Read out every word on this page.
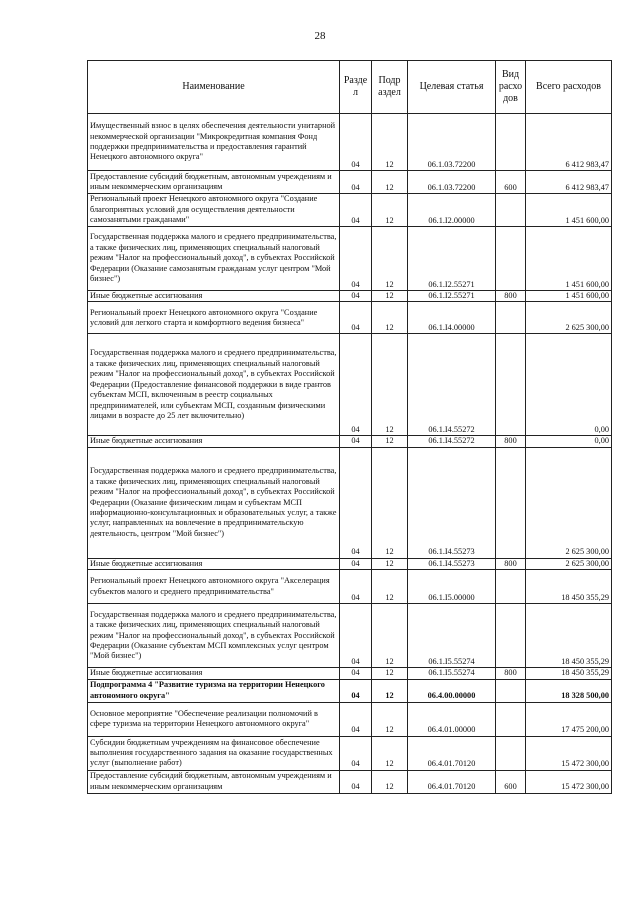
28
Наименование	Разде л	Подр аздел	Целевая статья	Вид расхо дов	Всего расходов
Имущественный взнос в целях обеспечения деятельности унитарной некоммерческой организации "Микрокредитная компания Фонд поддержки предпринимательства и предоставления гарантий Ненецкого автономного округа"	04	12	06.1.03.72200		6 412 983,47
Предоставление субсидий бюджетным, автономным учреждениям и иным некоммерческим организациям	04	12	06.1.03.72200	600	6 412 983,47
Региональный проект Ненецкого автономного округа "Создание благоприятных условий для осуществления деятельности самозанятыми гражданами"	04	12	06.1.I2.00000		1 451 600,00
Государственная поддержка малого и среднего предпринимательства, а также физических лиц, применяющих специальный налоговый режим "Налог на профессиональный доход", в субъектах Российской Федерации (Оказание самозанятым гражданам услуг центром "Мой бизнес")	04	12	06.1.I2.55271		1 451 600,00
Иные бюджетные ассигнования	04	12	06.1.I2.55271	800	1 451 600,00
Региональный проект Ненецкого автономного округа "Создание условий для легкого старта и комфортного ведения бизнеса"	04	12	06.1.I4.00000		2 625 300,00
Государственная поддержка малого и среднего предпринимательства, а также физических лиц, применяющих специальный налоговый режим "Налог на профессиональный доход", в субъектах Российской Федерации (Предоставление финансовой поддержки в виде грантов субъектам МСП, включенным в реестр социальных предпринимателей, или субъектам МСП, созданным физическими лицами в возрасте до 25 лет включительно)	04	12	06.1.I4.55272		0,00
Иные бюджетные ассигнования	04	12	06.1.I4.55272	800	0,00
Государственная поддержка малого и среднего предпринимательства, а также физических лиц, применяющих специальный налоговый режим "Налог на профессиональный доход", в субъектах Российской Федерации (Оказание физическим лицам и субъектам МСП информационно-консультационных и образовательных услуг, а также услуг, направленных на вовлечение в предпринимательскую деятельность, центром "Мой бизнес")	04	12	06.1.I4.55273		2 625 300,00
Иные бюджетные ассигнования	04	12	06.1.I4.55273	800	2 625 300,00
Региональный проект Ненецкого автономного округа "Акселерация субъектов малого и среднего предпринимательства"	04	12	06.1.I5.00000		18 450 355,29
Государственная поддержка малого и среднего предпринимательства, а также физических лиц, применяющих специальный налоговый режим "Налог на профессиональный доход", в субъектах Российской Федерации (Оказание субъектам МСП комплексных услуг центром "Мой бизнес")	04	12	06.1.I5.55274		18 450 355,29
Иные бюджетные ассигнования	04	12	06.1.I5.55274	800	18 450 355,29
Подпрограмма 4 "Развитие туризма на территории Ненецкого автономного округа"	04	12	06.4.00.00000		18 328 500,00
Основное мероприятие "Обеспечение реализации полномочий в сфере туризма на территории Ненецкого автономного округа"	04	12	06.4.01.00000		17 475 200,00
Субсидии бюджетным учреждениям на финансовое обеспечение выполнения государственного задания на оказание государственных услуг (выполнение работ)	04	12	06.4.01.70120		15 472 300,00
Предоставление субсидий бюджетным, автономным учреждениям и иным некоммерческим организациям	04	12	06.4.01.70120	600	15 472 300,00
